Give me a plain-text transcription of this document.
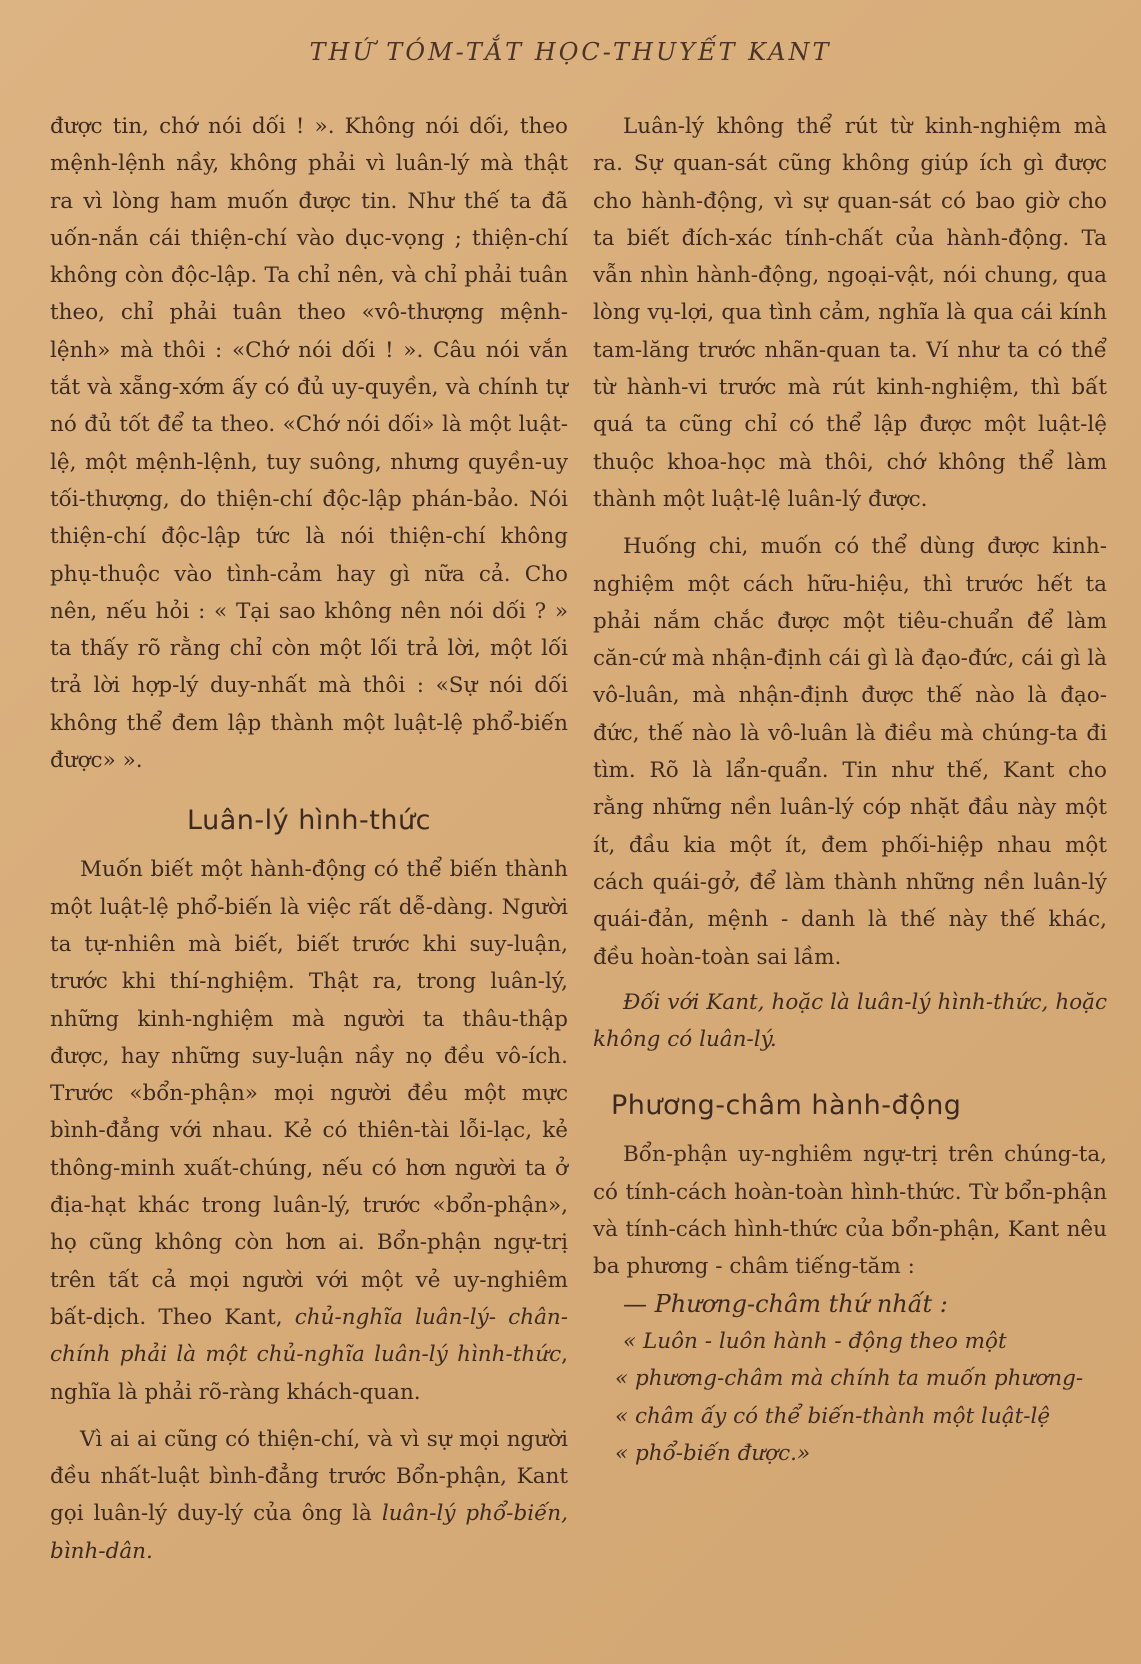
THỨ TÓM-TẮT HỌC-THUYẾT KANT

được tin, chớ nói dối ! ». Không nói dối, theo mệnh-lệnh nầy, không phải vì luân-lý mà thật ra vì lòng ham muốn được tin. Như thế ta đã uốn-nắn cái thiện-chí vào dục-vọng ; thiện-chí không còn độc-lập. Ta chỉ nên, và chỉ phải tuân theo, chỉ phải tuân theo «vô-thượng mệnh-lệnh» mà thôi : «Chớ nói dối ! ». Câu nói vắn tắt và xẵng-xớm ấy có đủ uy-quyền, và chính tự nó đủ tốt để ta theo. «Chớ nói dối» là một luật-lệ, một mệnh-lệnh, tuy suông, nhưng quyền-uy tối-thượng, do thiện-chí độc-lập phán-bảo. Nói thiện-chí độc-lập tức là nói thiện-chí không phụ-thuộc vào tình-cảm hay gì nữa cả. Cho nên, nếu hỏi : « Tại sao không nên nói dối ? » ta thấy rõ rằng chỉ còn một lối trả lời, một lối trả lời hợp-lý duy-nhất mà thôi : «Sự nói dối không thể đem lập thành một luật-lệ phổ-biến được» ».

Luân-lý hình-thức

Muốn biết một hành-động có thể biến thành một luật-lệ phổ-biến là việc rất dễ-dàng. Người ta tự-nhiên mà biết, biết trước khi suy-luận, trước khi thí-nghiệm. Thật ra, trong luân-lý, những kinh-nghiệm mà người ta thâu-thập được, hay những suy-luận nầy nọ đều vô-ích. Trước «bổn-phận» mọi người đều một mực bình-đẳng với nhau. Kẻ có thiên-tài lỗi-lạc, kẻ thông-minh xuất-chúng, nếu có hơn người ta ở địa-hạt khác trong luân-lý, trước «bổn-phận», họ cũng không còn hơn ai. Bổn-phận ngự-trị trên tất cả mọi người với một vẻ uy-nghiêm bất-dịch. Theo Kant, chủ-nghĩa luân-lý- chân-chính phải là một chủ-nghĩa luân-lý hình-thức, nghĩa là phải rõ-ràng khách-quan.

Vì ai ai cũng có thiện-chí, và vì sự mọi người đều nhất-luật bình-đẳng trước Bổn-phận, Kant gọi luân-lý duy-lý của ông là luân-lý phổ-biến, bình-dân.

Luân-lý không thể rút từ kinh-nghiệm mà ra. Sự quan-sát cũng không giúp ích gì được cho hành-động, vì sự quan-sát có bao giờ cho ta biết đích-xác tính-chất của hành-động. Ta vẫn nhìn hành-động, ngoại-vật, nói chung, qua lòng vụ-lợi, qua tình cảm, nghĩa là qua cái kính tam-lăng trước nhãn-quan ta. Ví như ta có thể từ hành-vi trước mà rút kinh-nghiệm, thì bất quá ta cũng chỉ có thể lập được một luật-lệ thuộc khoa-học mà thôi, chớ không thể làm thành một luật-lệ luân-lý được.

Huống chi, muốn có thể dùng được kinh-nghiệm một cách hữu-hiệu, thì trước hết ta phải nắm chắc được một tiêu-chuẩn để làm căn-cứ mà nhận-định cái gì là đạo-đức, cái gì là vô-luân, mà nhận-định được thế nào là đạo-đức, thế nào là vô-luân là điều mà chúng-ta đi tìm. Rõ là lẩn-quẩn. Tin như thế, Kant cho rằng những nền luân-lý cóp nhặt đầu này một ít, đầu kia một ít, đem phối-hiệp nhau một cách quái-gở, để làm thành những nền luân-lý quái-đản, mệnh - danh là thế này thế khác, đều hoàn-toàn sai lầm.

Đối với Kant, hoặc là luân-lý hình-thức, hoặc không có luân-lý.

Phương-châm hành-động

Bổn-phận uy-nghiêm ngự-trị trên chúng-ta, có tính-cách hoàn-toàn hình-thức. Từ bổn-phận và tính-cách hình-thức của bổn-phận, Kant nêu ba phương - châm tiếng-tăm :

— Phương-châm thứ nhất :

« Luôn - luôn hành - động theo một

« phương-châm mà chính ta muốn phương-

« châm ấy có thể biến-thành một luật-lệ

« phổ-biến được.»
